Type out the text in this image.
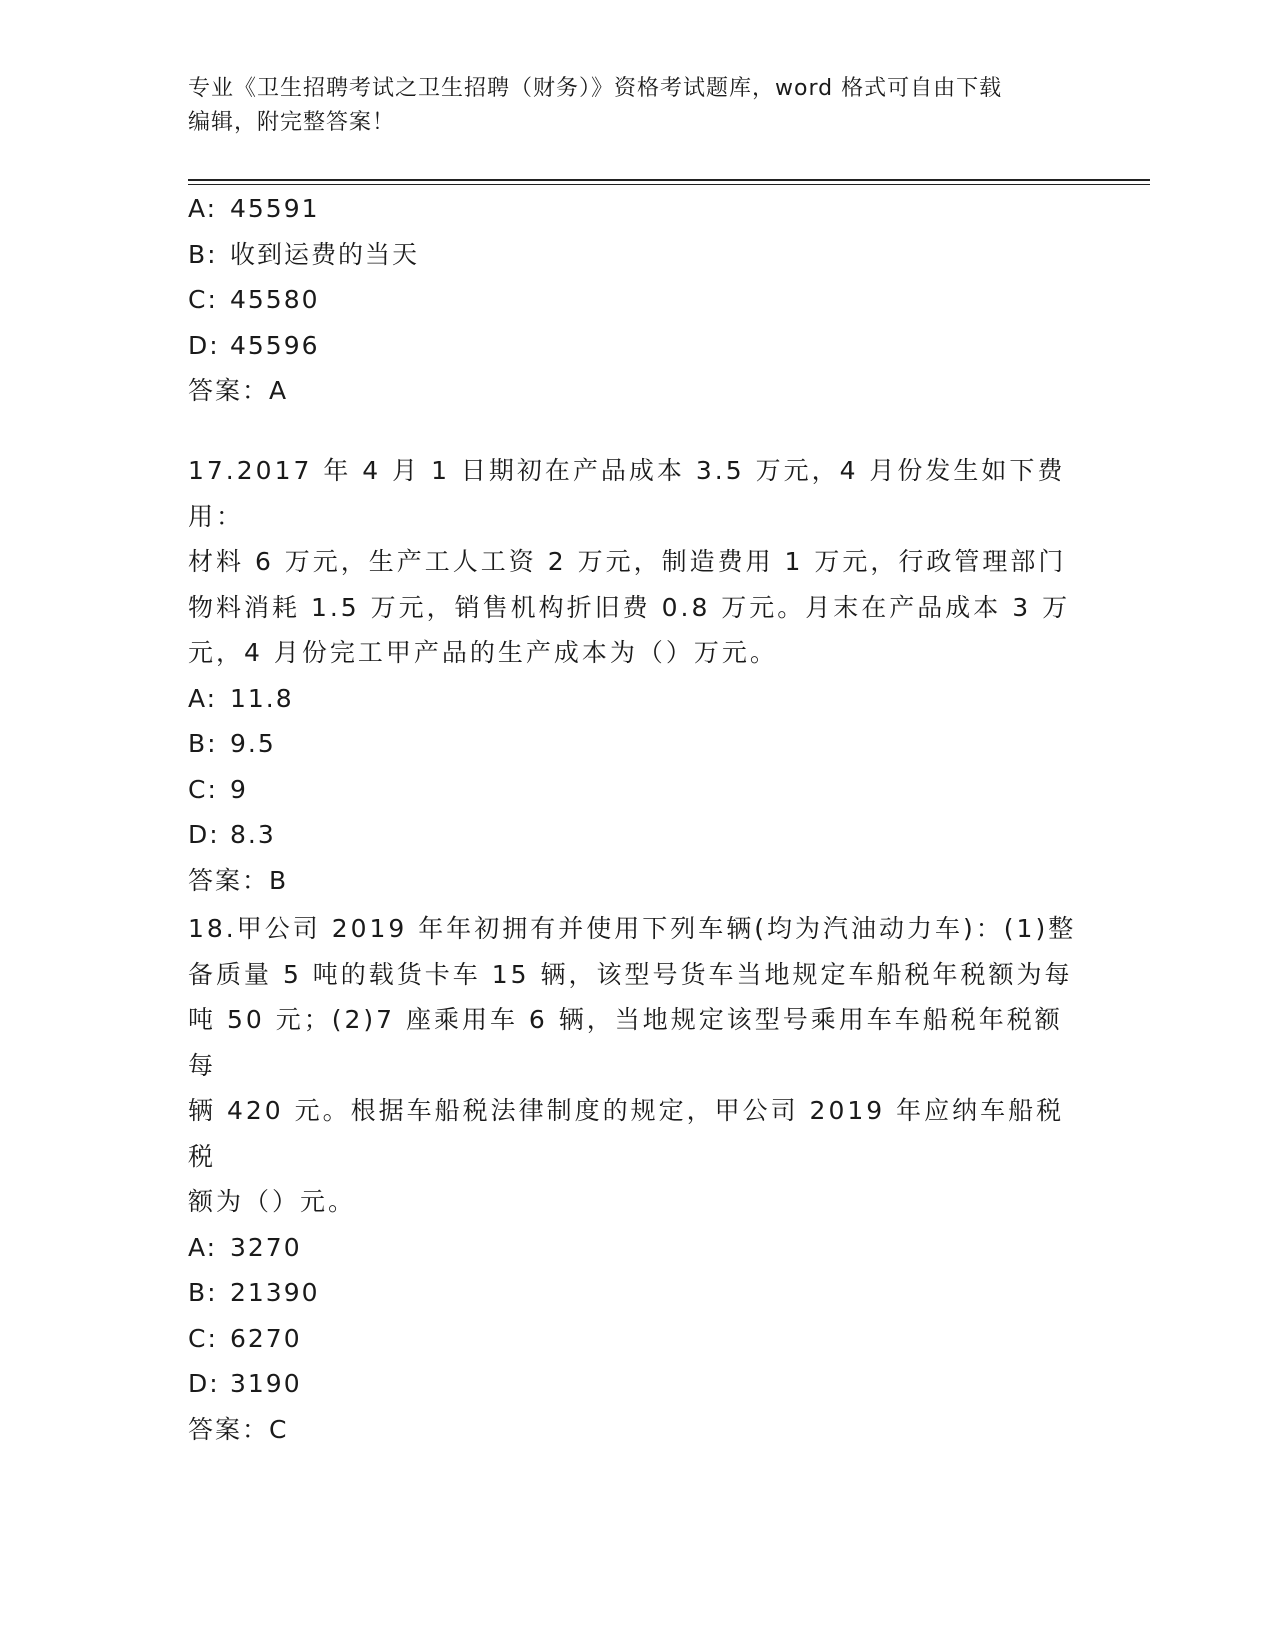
专业《卫生招聘考试之卫生招聘（财务）》资格考试题库，word 格式可自由下载
编辑，附完整答案！
A: 45591
B: 收到运费的当天
C: 45580
D: 45596
答案：A
17.2017 年 4 月 1 日期初在产品成本 3.5 万元，4 月份发生如下费用：
材料 6 万元，生产工人工资 2 万元，制造费用 1 万元，行政管理部门
物料消耗 1.5 万元，销售机构折旧费 0.8 万元。月末在产品成本 3 万
元，4 月份完工甲产品的生产成本为（）万元。
A: 11.8
B: 9.5
C: 9
D: 8.3
答案：B
18.甲公司 2019 年年初拥有并使用下列车辆(均为汽油动力车)：(1)整
备质量 5 吨的载货卡车 15 辆，该型号货车当地规定车船税年税额为每
吨 50 元；(2)7 座乘用车 6 辆，当地规定该型号乘用车车船税年税额每
辆 420 元。根据车船税法律制度的规定，甲公司 2019 年应纳车船税税
额为（）元。
A: 3270
B: 21390
C: 6270
D: 3190
答案：C
